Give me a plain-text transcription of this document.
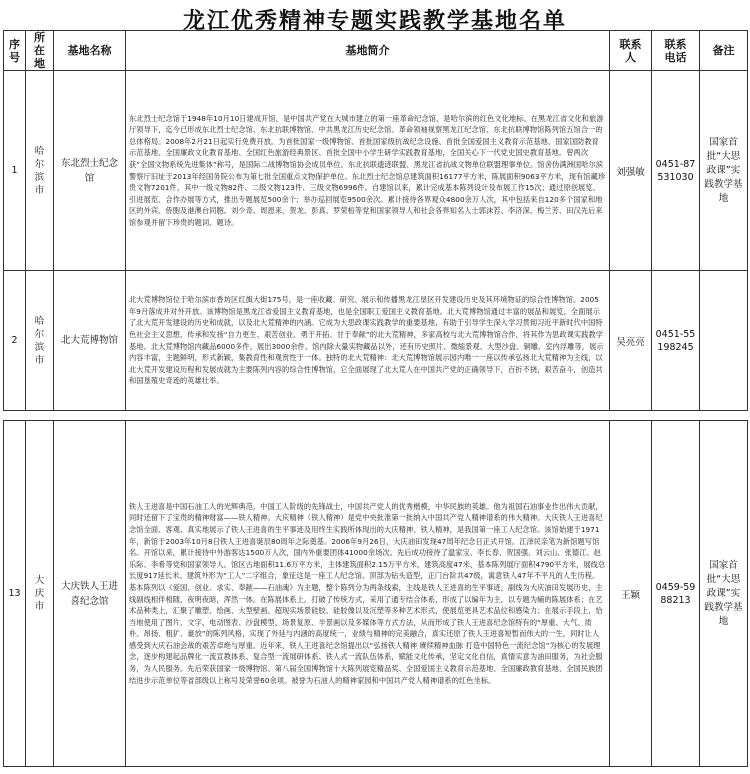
龙江优秀精神专题实践教学基地名单
序号	所在地	基地名称	基地简介	联系人	联系电话	备注
1	哈尔滨市	东北烈士纪念馆	东北烈士纪念馆于1948年10月10日建成开馆，是中国共产党在大城市建立的第一座革命纪念馆，是哈尔滨的红色文化地标。在黑龙江省文化和旅游厅领导下，迄今已形成东北烈士纪念馆、东北抗联博物馆、中共黑龙江历史纪念馆、革命领袖视察黑龙江纪念馆、东北抗联博物馆陈列馆五馆合一的总体格局。2008年2月21日起实行免费开放。为首批国家一级博物馆、首批国家级抗战纪念设施、首批全国爱国主义教育示范基地、国家国防教育示范基地、全国廉政文化教育基地、全国红色旅游经典景区、首批全国中小学生研学实践教育基地，全国关心下一代党史国史教育基地。曾两次获“全国文物系统先进集体”称号，是国际二战博物馆协会成员单位。东北抗联遗迹联盟、黑龙江省抗战文物单位联盟理事单位。馆舍伪满洲国哈尔滨警察厅旧址于2013年经国务院公布为第七批全国重点文物保护单位。东北烈士纪念馆总建筑面积16177平方米，陈展面积9063平方米，现有馆藏珍贵文物7201件，其中一级文物82件、二级文物123件、三级文物6996件。自建馆以来，累计完成基本陈列设计及布展工作15次；通过原创展览、引进展览、合作办展等方式，推出专题展览500余个；举办巡回展览9500余次。累计接待各界观众4800余万人次，其中包括来自120多个国家和地区的外宾、侨胞及港澳台同胞。刘少奇、周恩来、贺龙、彭真、罗荣桓等党和国家领导人和社会各界知名人士郭沫若、李济深、梅兰芳、田汉先后来馆参观并留下珍贵的题词、题诗。	刘强敏	0451-87531030	国家首批“大思政课”实践教学基地

2	哈尔滨市	北大荒博物馆	北大荒博物馆位于哈尔滨市香坊区红旗大街175号，是一座收藏、研究、展示和传播黑龙江垦区开发建设历史及其环境物证的综合性博物馆。2005年9月落成并对外开放。该博物馆是黑龙江省爱国主义教育基地，也是全国职工爱国主义教育基地。北大荒博物馆通过丰富的展品和展览，全面展示了北大荒开发建设的历史和成就，以及北大荒精神的内涵。它成为大思政课实践教学的重要基地，有助于引导学生深入学习贯彻习近平新时代中国特色社会主义思想，传承和发扬“自力更生、艰苦创业、勇于开拓、甘于奉献”的北大荒精神，多家高校与北大荒博物馆合作，将其作为思政课实践教学基地。北大荒博物馆内藏品6000多件，展出3000余件。馆内除大量实物藏品以外，还有历史照片、微缩景观、大型沙盘、铜雕、室内浮雕等，展示内容丰富，主题鲜明，形式新颖，集教育性和观赏性于一体。独特的北大荒精神：北大荒博物馆展示园内唯一一座以传承弘扬北大荒精神为主线，以北大荒开发建设历程和发展成就为主要陈列内容的综合性博物馆，它全面展现了北大荒人在中国共产党的正确领导下，百折不挠，艰苦奋斗，创造共和国垦殖史奇迹的英雄壮举。	吴亮亮	0451-55198245	

13	大庆市	大庆铁人王进喜纪念馆	铁人王进喜是中国石油工人的光辉典范，中国工人阶级的先锋战士，中国共产党人的优秀楷模，中华民族的英雄。他为祖国石油事业作出伟大贡献，同时还留下了宝贵的精神财富——铁人精神。大庆精神（铁人精神）是党中央批准第一批纳入中国共产党人精神谱系的伟大精神。大庆铁人王进喜纪念馆全面、客观、真实地展示了铁人王进喜的生平事迹及用终生实践所体现出的大庆精神、铁人精神，是我国第一座工人纪念馆。该馆始建于1971年，新馆于2003年10月8日铁人王进喜诞辰80周年之际奠基。2006年9月26日，大庆油田发现47周年纪念日正式开馆。江泽民亲笔为新馆题写馆名。开馆以来，累计接待中外游客达1500万人次，国内外重要团体41000余场次。先后成功接待了温家宝、李长春、贺国强、刘云山、张德江、赵乐际、李希等党和国家领导人。馆区占地面积11.6万平方米，主体建筑面积2.15万平方米，建筑高度47米，基本陈列展厅面积4790平方米，展线总长度917延长米。建筑外形为“工人”二字组合，象征这是一座工人纪念馆。顶部为钻头造型，正门台阶共47级，寓意铁人47年不平凡的人生历程。基本陈列以《爱国、创业、求实、奉献——石油魂》为主题，整个陈列分为两条线索，主线是铁人王进喜的生平事迹，副线为大庆油田发展历史，主线副线相伴相随，夜明夜暗，浑然一体。在陈展体系上，打破了传统方式，采用了通专结合体系，形成了以编年为主，以专题为辅的陈展体系；在艺术品种类上，汇聚了雕塑、绘画、大型壁画、超现实场景硅胶、硅胶像以及沉塑等多种艺术形式，使展览更具艺术品位和感染力；在展示手段上，恰当地使用了图片、文字、电动图表、沙盘模型、场景复原、半景画以及多媒体等方式方法，从而形成了铁人王进喜纪念馆特有的“厚重、大气、质朴、昂扬、粗犷、豪放”的陈列风格，实现了外延与内涵的高度统一，业绩与精神的完美融合，真实还原了铁人王进喜短暂而伟大的一生，同时让人感受到大庆石油会战的艰苦卓绝与厚重。近年来，铁人王进喜纪念馆提出以“弘扬铁人精神 赓续精神血脉 打造中国特色一流纪念馆”为核心的发展理念，逐步构建起品牌化一流宣教体系、复合型一流展研体系、铁人式一流队伍体系，赋能文化传承，坚定文化自信，真情实意为油田服务，为社会服务，为人民服务。先后荣获国家一级博物馆、第八届全国博物馆十大陈列展览精品奖、全国爱国主义教育示范基地、全国廉政教育基地、全国民族团结进步示范单位等省部级以上称号及荣誉60余项。被誉为石油人的精神家园和中国共产党人精神谱系的红色坐标。	王颖	0459-5988213	国家首批“大思政课”实践教学基地
